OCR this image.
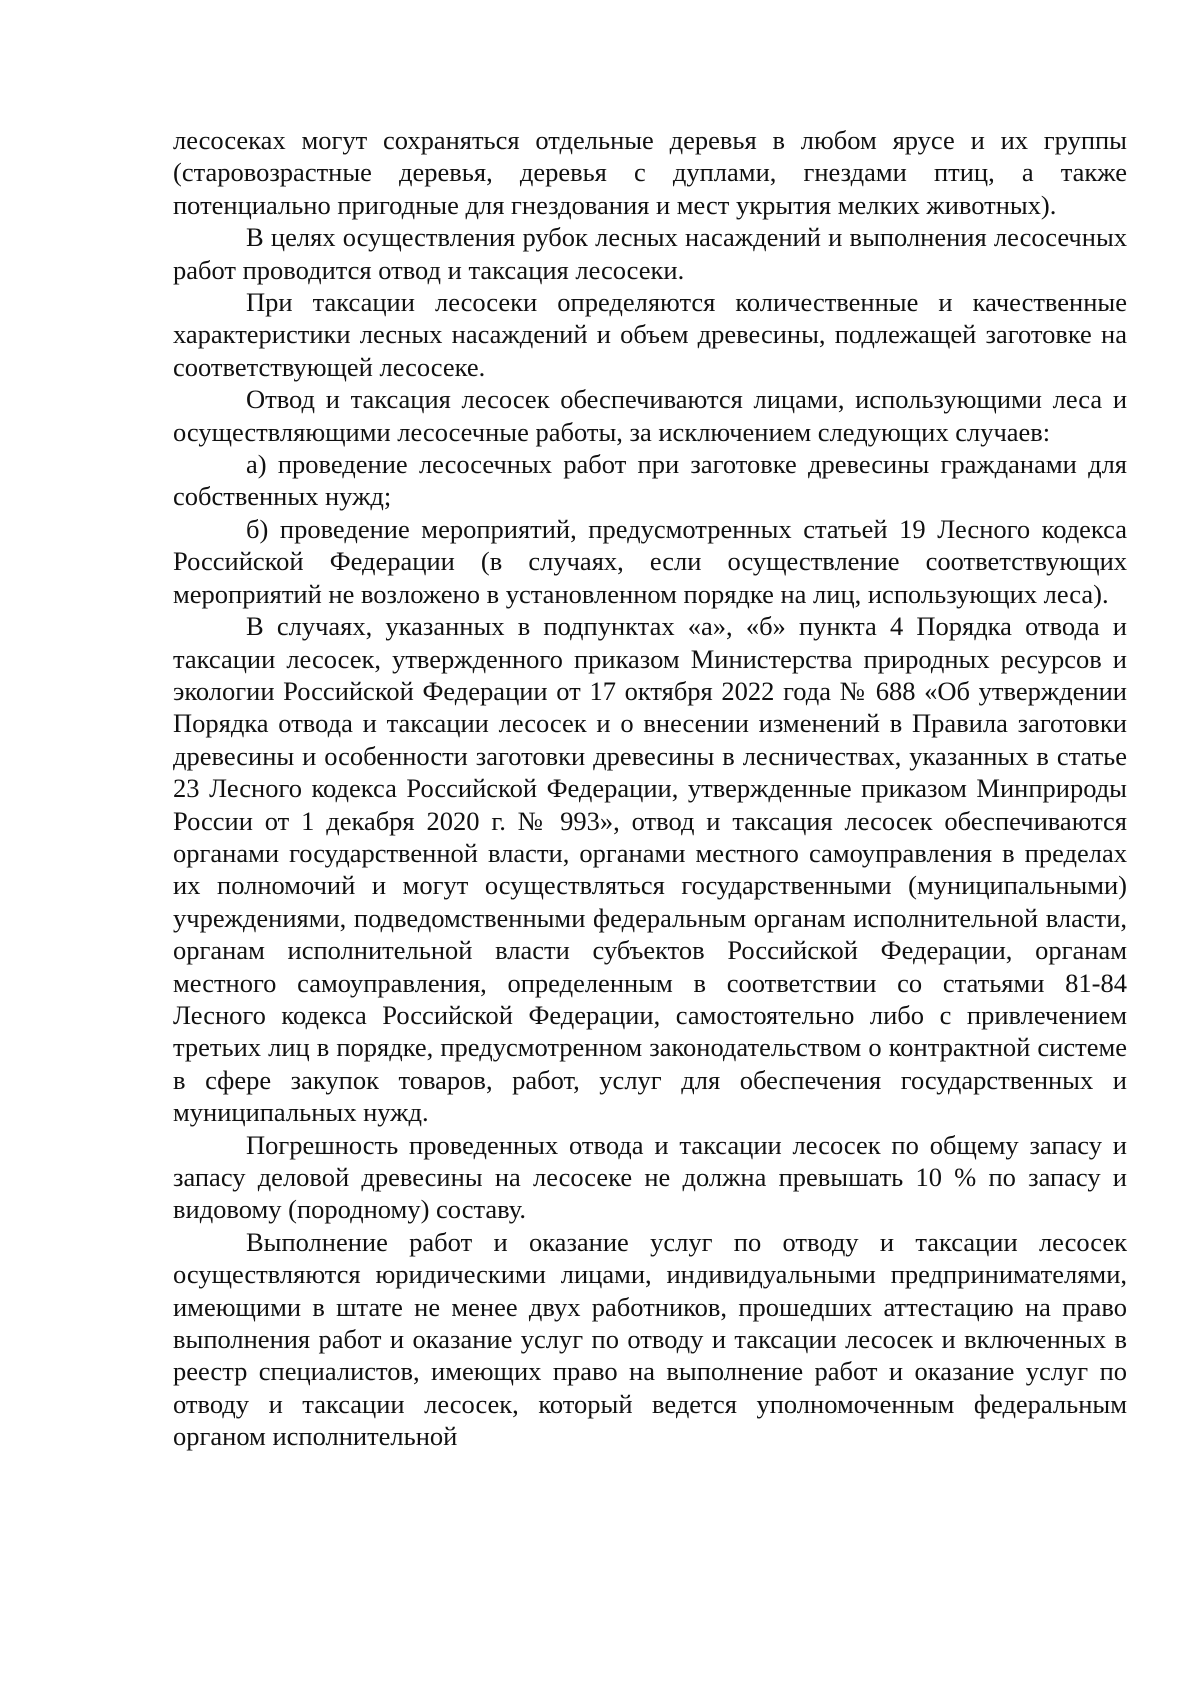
лесосеках могут сохраняться отдельные деревья в любом ярусе и их группы (старовозрастные деревья, деревья с дуплами, гнездами птиц, а также потенциально пригодные для гнездования и мест укрытия мелких животных).

В целях осуществления рубок лесных насаждений и выполнения лесосечных работ проводится отвод и таксация лесосеки.

При таксации лесосеки определяются количественные и качественные характеристики лесных насаждений и объем древесины, подлежащей заготовке на соответствующей лесосеке.

Отвод и таксация лесосек обеспечиваются лицами, использующими леса и осуществляющими лесосечные работы, за исключением следующих случаев:

а) проведение лесосечных работ при заготовке древесины гражданами для собственных нужд;

б) проведение мероприятий, предусмотренных статьей 19 Лесного кодекса Российской Федерации (в случаях, если осуществление соответствующих мероприятий не возложено в установленном порядке на лиц, использующих леса).

В случаях, указанных в подпунктах «а», «б» пункта 4 Порядка отвода и таксации лесосек, утвержденного приказом Министерства природных ресурсов и экологии Российской Федерации от 17 октября 2022 года № 688 «Об утверждении Порядка отвода и таксации лесосек и о внесении изменений в Правила заготовки древесины и особенности заготовки древесины в лесничествах, указанных в статье 23 Лесного кодекса Российской Федерации, утвержденные приказом Минприроды России от 1 декабря 2020 г. № 993», отвод и таксация лесосек обеспечиваются органами государственной власти, органами местного самоуправления в пределах их полномочий и могут осуществляться государственными (муниципальными) учреждениями, подведомственными федеральным органам исполнительной власти, органам исполнительной власти субъектов Российской Федерации, органам местного самоуправления, определенным в соответствии со статьями 81-84 Лесного кодекса Российской Федерации, самостоятельно либо с привлечением третьих лиц в порядке, предусмотренном законодательством о контрактной системе в сфере закупок товаров, работ, услуг для обеспечения государственных и муниципальных нужд.

Погрешность проведенных отвода и таксации лесосек по общему запасу и запасу деловой древесины на лесосеке не должна превышать 10 % по запасу и видовому (породному) составу.

Выполнение работ и оказание услуг по отводу и таксации лесосек осуществляются юридическими лицами, индивидуальными предпринимателями, имеющими в штате не менее двух работников, прошедших аттестацию на право выполнения работ и оказание услуг по отводу и таксации лесосек и включенных в реестр специалистов, имеющих право на выполнение работ и оказание услуг по отводу и таксации лесосек, который ведется уполномоченным федеральным органом исполнительной
